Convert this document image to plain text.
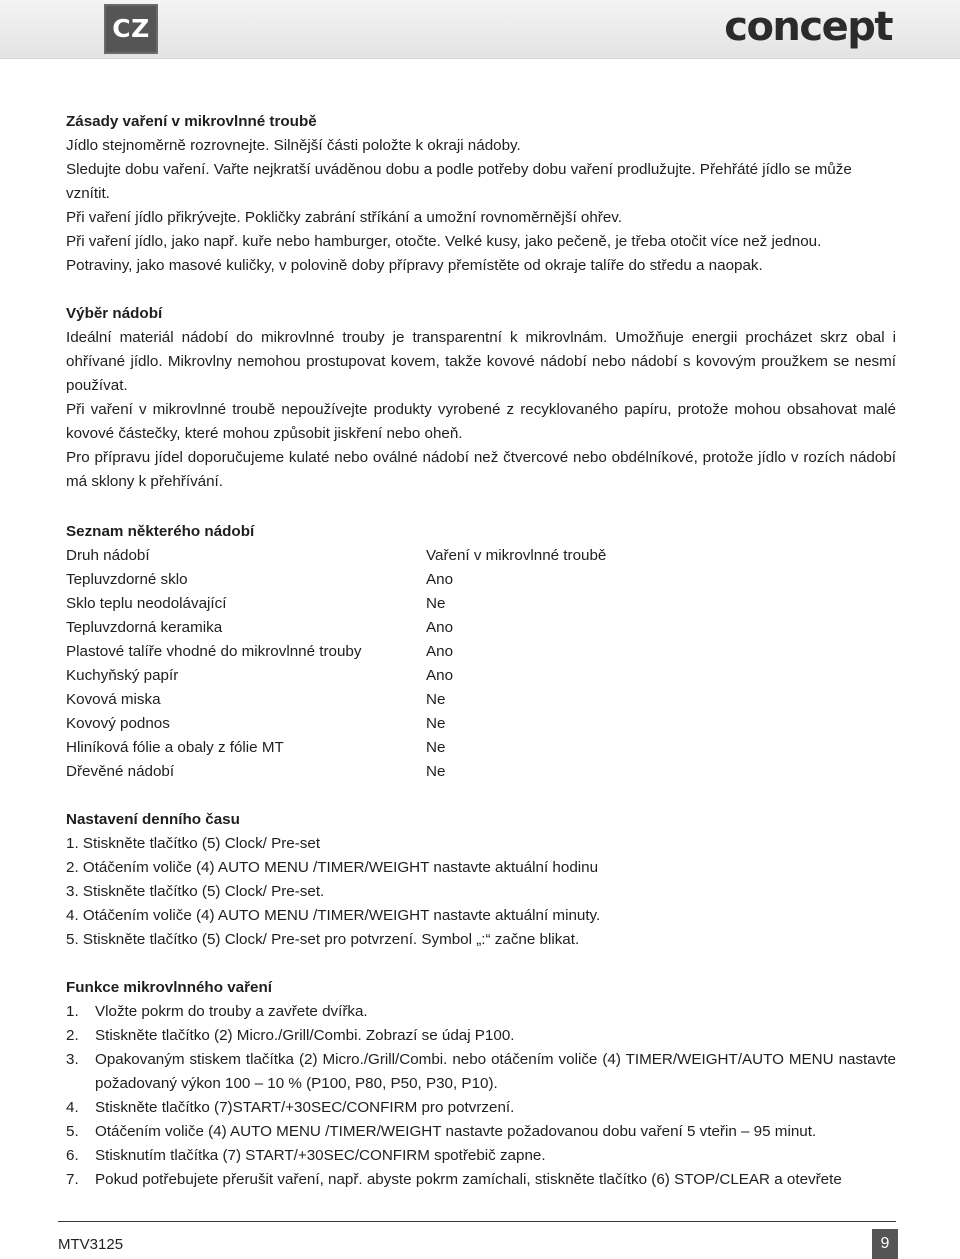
CZ	concept
Zásady vaření v mikrovlnné troubě
Jídlo stejnoměrně rozrovnejte. Silnější části položte k okraji nádoby.
Sledujte dobu vaření. Vařte nejkratší uváděnou dobu a podle potřeby dobu vaření prodlužujte. Přehřáté jídlo se může vznítit.
Při vaření jídlo přikrývejte. Pokličky zabrání stříkání a umožní rovnoměrnější ohřev.
Při vaření jídlo, jako např. kuře nebo hamburger, otočte. Velké kusy, jako pečeně, je třeba otočit více než jednou.
Potraviny, jako masové kuličky, v polovině doby přípravy přemístěte od okraje talíře do středu a naopak.
Výběr nádobí
Ideální materiál nádobí do mikrovlnné trouby je transparentní k mikrovlnám. Umožňuje energii procházet skrz obal i ohřívané jídlo. Mikrovlny nemohou prostupovat kovem, takže kovové nádobí nebo nádobí s kovovým proužkem se nesmí používat.
Při vaření v mikrovlnné troubě nepoužívejte produkty vyrobené z recyklovaného papíru, protože mohou obsahovat malé kovové částečky, které mohou způsobit jiskření nebo oheň.
Pro přípravu jídel doporučujeme kulaté nebo oválné nádobí než čtvercové nebo obdélníkové, protože jídlo v rozích nádobí má sklony k přehřívání.
Seznam některého nádobí
Druh nádobí	Vaření v mikrovlnné troubě
Tepluvzdorné sklo	Ano
Sklo teplu neodolávající	Ne
Tepluvzdorná keramika	Ano
Plastové talíře vhodné do mikrovlnné trouby	Ano
Kuchyňský papír	Ano
Kovová miska	Ne
Kovový podnos	Ne
Hliníková fólie a obaly z fólie MT	Ne
Dřevěné nádobí	Ne
Nastavení denního času
1. Stiskněte tlačítko (5) Clock/ Pre-set
2. Otáčením voliče (4) AUTO MENU /TIMER/WEIGHT nastavte aktuální hodinu
3. Stiskněte tlačítko (5) Clock/ Pre-set.
4. Otáčením voliče (4) AUTO MENU /TIMER/WEIGHT nastavte aktuální minuty.
5. Stiskněte tlačítko (5) Clock/ Pre-set pro potvrzení. Symbol „:“ začne blikat.
Funkce mikrovlnného vaření
1.	Vložte pokrm do trouby a zavřete dvířka.
2.	Stiskněte tlačítko (2) Micro./Grill/Combi. Zobrazí se údaj P100.
3.	Opakovaným stiskem tlačítka (2) Micro./Grill/Combi. nebo otáčením voliče (4) TIMER/WEIGHT/AUTO MENU nastavte požadovaný výkon 100 – 10 % (P100, P80, P50, P30, P10).
4.	Stiskněte tlačítko (7)START/+30SEC/CONFIRM pro potvrzení.
5.	Otáčením voliče (4) AUTO MENU /TIMER/WEIGHT nastavte požadovanou dobu vaření 5 vteřin – 95 minut.
6.	Stisknutím tlačítka (7) START/+30SEC/CONFIRM spotřebič zapne.
7.	Pokud potřebujete přerušit vaření, např. abyste pokrm zamíchali, stiskněte tlačítko (6) STOP/CLEAR a otevřete
MTV3125	9
